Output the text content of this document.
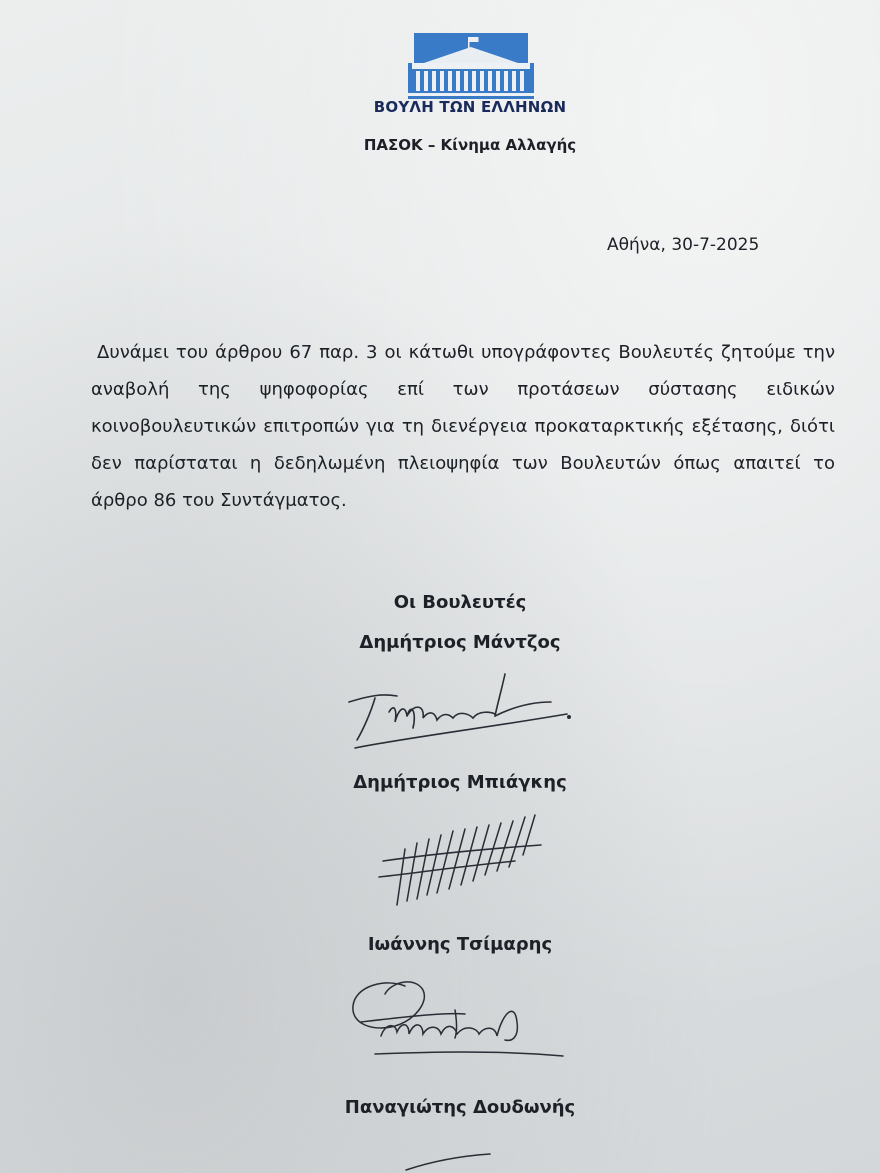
ΒΟΥΛΗ ΤΩΝ ΕΛΛΗΝΩΝ
ΠΑΣΟΚ – Κίνημα Αλλαγής
Αθήνα, 30-7-2025
Δυνάμει του άρθρου 67 παρ. 3 οι κάτωθι υπογράφοντες Βουλευτές ζητούμε την αναβολή της ψηφοφορίας επί των προτάσεων σύστασης ειδικών κοινοβουλευτικών επιτροπών για τη διενέργεια προκαταρκτικής εξέτασης, διότι δεν παρίσταται η δεδηλωμένη πλειοψηφία των Βουλευτών όπως απαιτεί το άρθρο 86 του Συντάγματος.
Οι Βουλευτές
Δημήτριος Μάντζος
Δημήτριος Μπιάγκης
Ιωάννης Τσίμαρης
Παναγιώτης Δουδωνής
